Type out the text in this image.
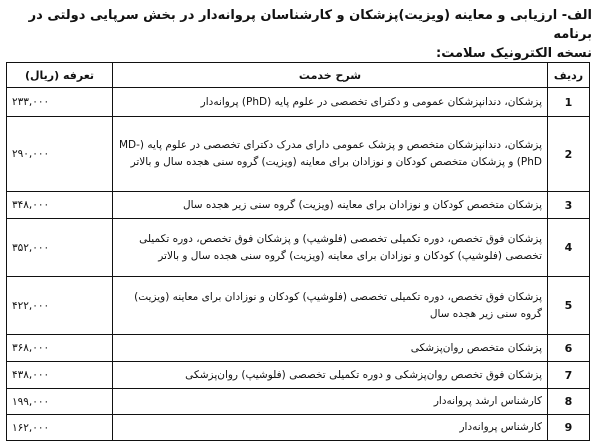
الف- ارزیابی و معاینه (ویزیت)پزشکان و کارشناسان پروانه‌دار در بخش سرپایی دولتی در برنامه

نسخه الکترونیک سلامت:

ردیف	شرح خدمت	تعرفه (ریال)
1	پزشکان، دندانپزشکان عمومی و دکترای تخصصی در علوم پایه (PhD) پروانه‌دار	۲۳۳,۰۰۰
2	پزشکان، دندانپزشکان متخصص و پزشک عمومی دارای مدرک دکترای تخصصی در علوم پایه (MD-PhD) و پزشکان متخصص کودکان و نوزادان برای معاینه (ویزیت) گروه سنی هجده سال و بالاتر	۲۹۰,۰۰۰
3	پزشکان متخصص کودکان و نوزادان برای معاینه (ویزیت) گروه سنی زیر هجده سال	۳۴۸,۰۰۰
4	پزشکان فوق تخصص، دوره تکمیلی تخصصی (فلوشیپ) و پزشکان فوق تخصص، دوره تکمیلی تخصصی (فلوشیپ) کودکان و نوزادان برای معاینه (ویزیت) گروه سنی هجده سال و بالاتر	۳۵۲,۰۰۰
5	پزشکان فوق تخصص، دوره تکمیلی تخصصی (فلوشیپ) کودکان و نوزادان برای معاینه (ویزیت) گروه سنی زیر هجده سال	۴۲۲,۰۰۰
6	پزشکان متخصص روان‌پزشکی	۳۶۸,۰۰۰
7	پزشکان فوق تخصص روان‌پزشکی و دوره تکمیلی تخصصی (فلوشیپ) روان‌پزشکی	۴۳۸,۰۰۰
8	کارشناس ارشد پروانه‌دار	۱۹۹,۰۰۰
9	کارشناس پروانه‌دار	۱۶۲,۰۰۰
